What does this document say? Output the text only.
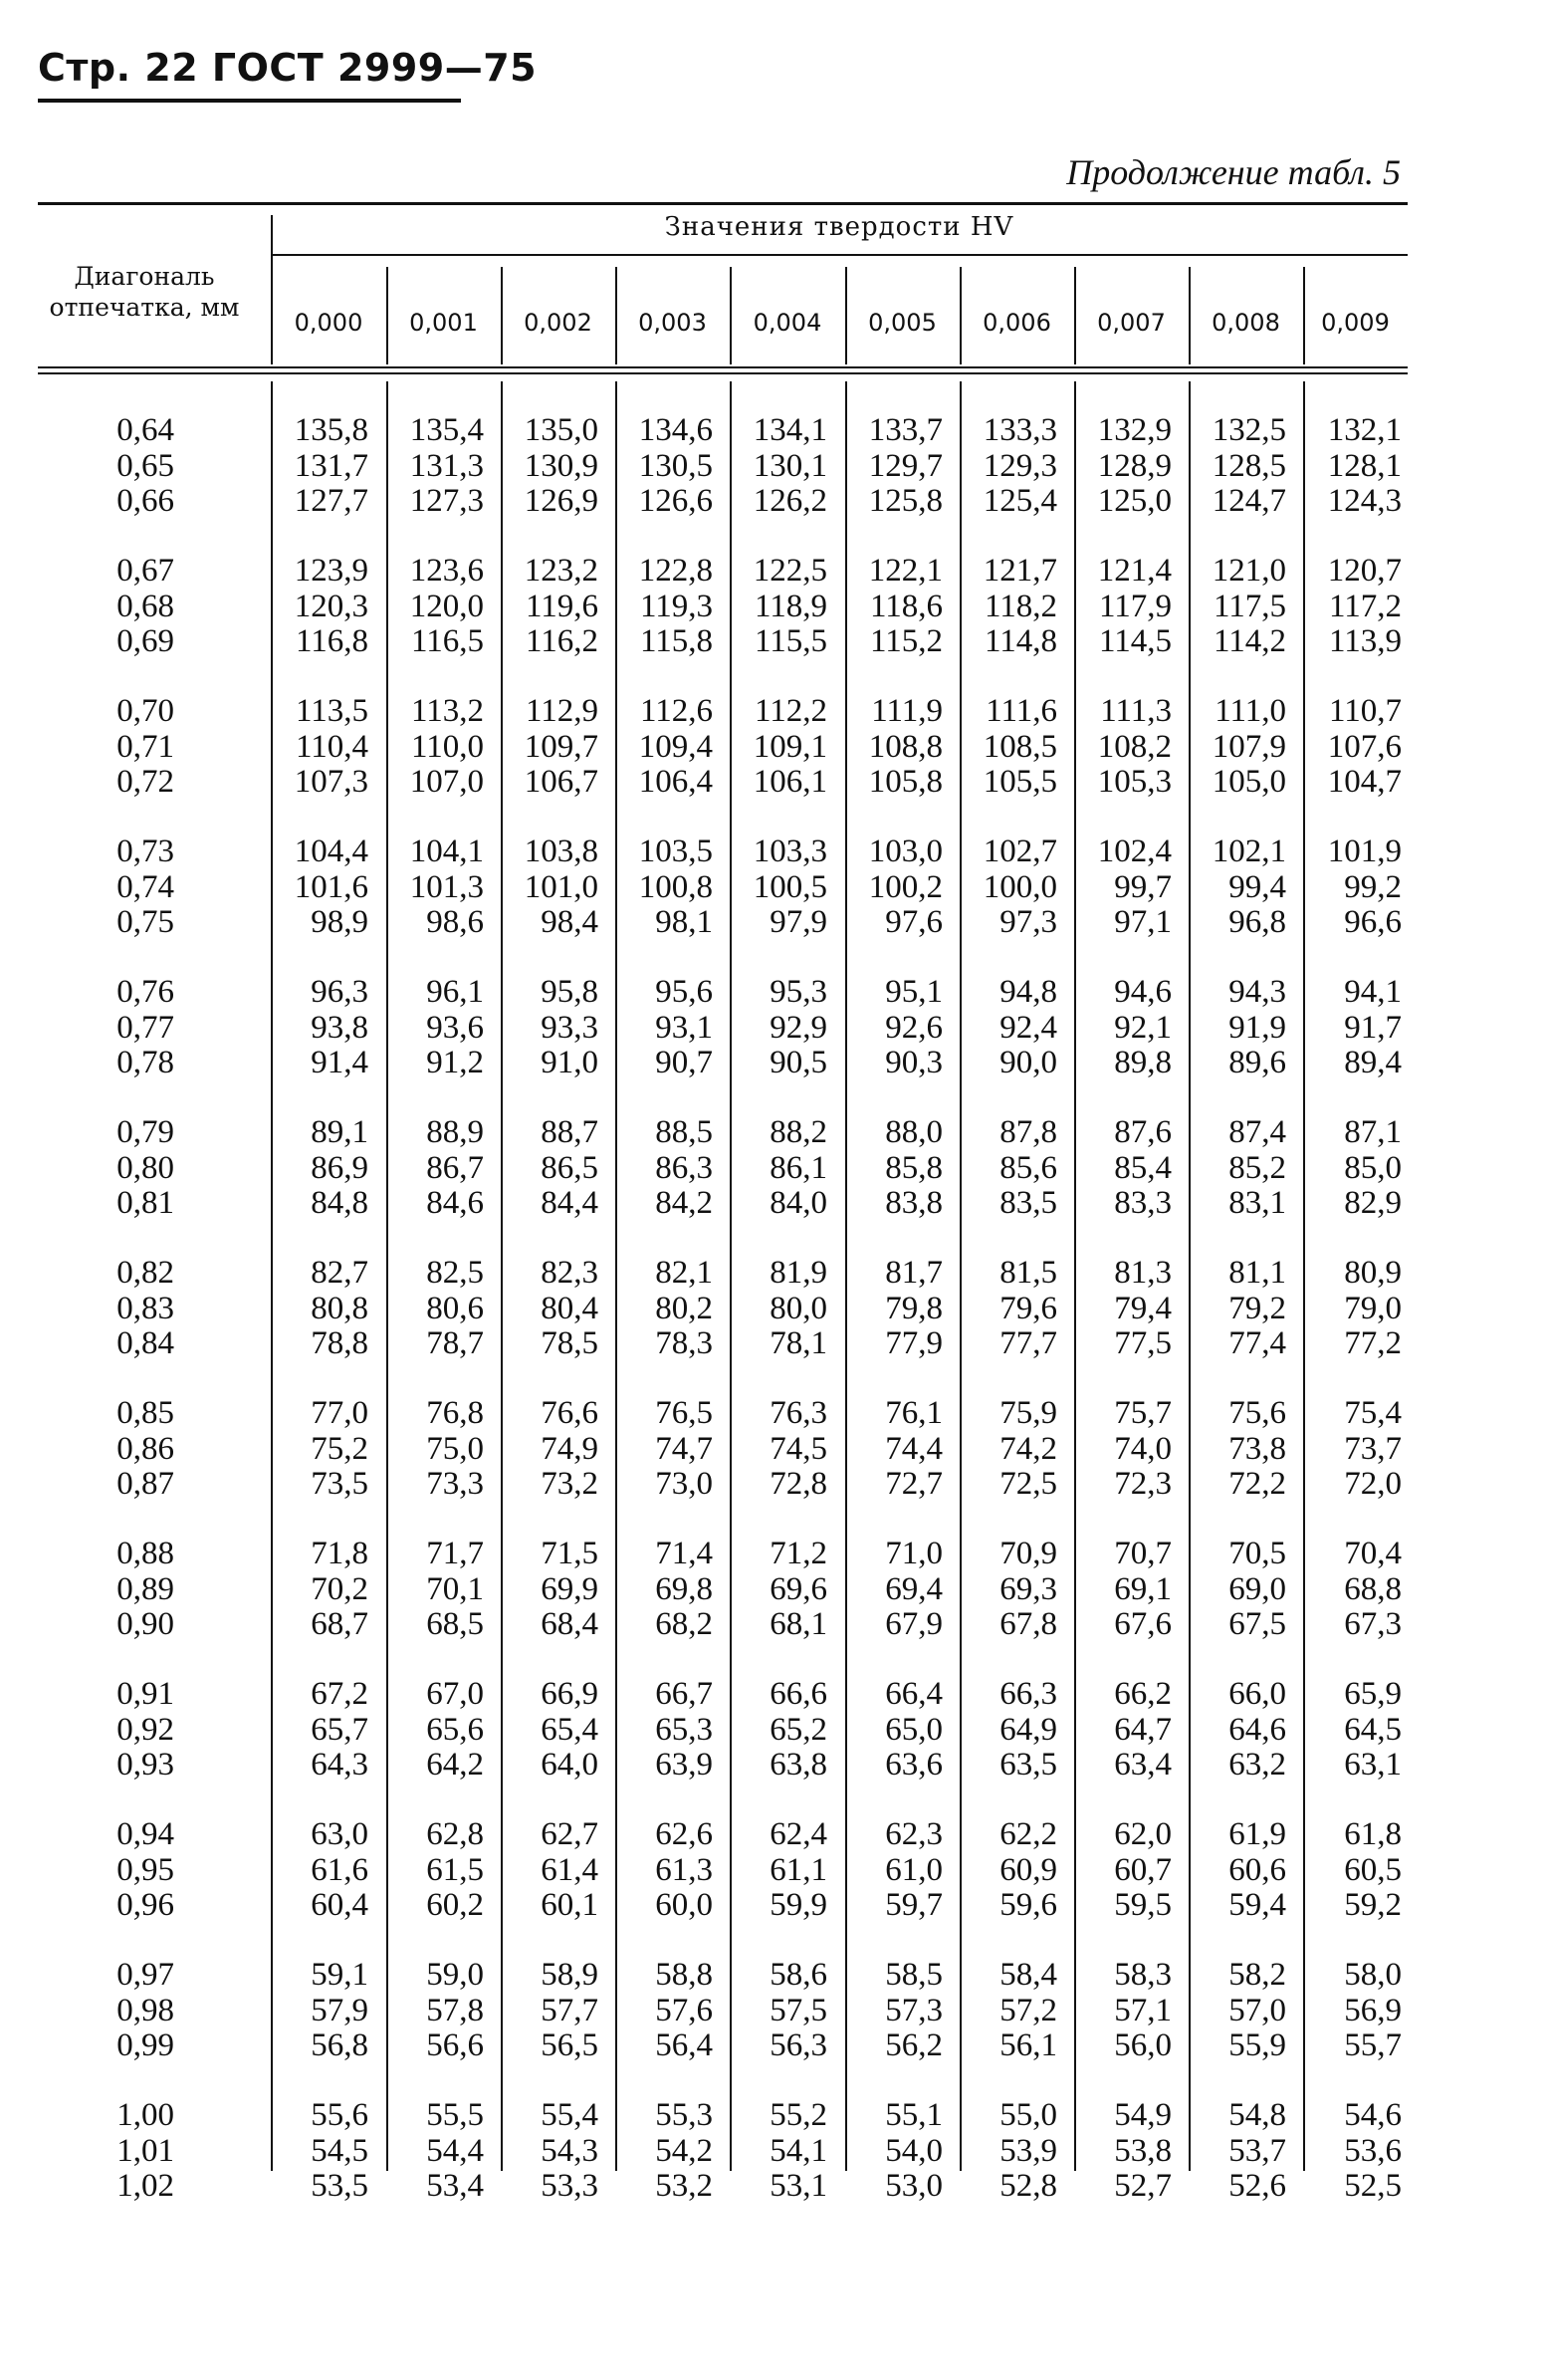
Стр. 22 ГОСТ 2999—75
Продолжение табл. 5
Значения твердости HV
Диагональ
отпечатка, мм
0,000	0,001	0,002	0,003	0,004	0,005	0,006	0,007	0,008	0,009
0,64	135,8	135,4	135,0	134,6	134,1	133,7	133,3	132,9	132,5	132,1
0,65	131,7	131,3	130,9	130,5	130,1	129,7	129,3	128,9	128,5	128,1
0,66	127,7	127,3	126,9	126,6	126,2	125,8	125,4	125,0	124,7	124,3
0,67	123,9	123,6	123,2	122,8	122,5	122,1	121,7	121,4	121,0	120,7
0,68	120,3	120,0	119,6	119,3	118,9	118,6	118,2	117,9	117,5	117,2
0,69	116,8	116,5	116,2	115,8	115,5	115,2	114,8	114,5	114,2	113,9
0,70	113,5	113,2	112,9	112,6	112,2	111,9	111,6	111,3	111,0	110,7
0,71	110,4	110,0	109,7	109,4	109,1	108,8	108,5	108,2	107,9	107,6
0,72	107,3	107,0	106,7	106,4	106,1	105,8	105,5	105,3	105,0	104,7
0,73	104,4	104,1	103,8	103,5	103,3	103,0	102,7	102,4	102,1	101,9
0,74	101,6	101,3	101,0	100,8	100,5	100,2	100,0	99,7	99,4	99,2
0,75	98,9	98,6	98,4	98,1	97,9	97,6	97,3	97,1	96,8	96,6
0,76	96,3	96,1	95,8	95,6	95,3	95,1	94,8	94,6	94,3	94,1
0,77	93,8	93,6	93,3	93,1	92,9	92,6	92,4	92,1	91,9	91,7
0,78	91,4	91,2	91,0	90,7	90,5	90,3	90,0	89,8	89,6	89,4
0,79	89,1	88,9	88,7	88,5	88,2	88,0	87,8	87,6	87,4	87,1
0,80	86,9	86,7	86,5	86,3	86,1	85,8	85,6	85,4	85,2	85,0
0,81	84,8	84,6	84,4	84,2	84,0	83,8	83,5	83,3	83,1	82,9
0,82	82,7	82,5	82,3	82,1	81,9	81,7	81,5	81,3	81,1	80,9
0,83	80,8	80,6	80,4	80,2	80,0	79,8	79,6	79,4	79,2	79,0
0,84	78,8	78,7	78,5	78,3	78,1	77,9	77,7	77,5	77,4	77,2
0,85	77,0	76,8	76,6	76,5	76,3	76,1	75,9	75,7	75,6	75,4
0,86	75,2	75,0	74,9	74,7	74,5	74,4	74,2	74,0	73,8	73,7
0,87	73,5	73,3	73,2	73,0	72,8	72,7	72,5	72,3	72,2	72,0
0,88	71,8	71,7	71,5	71,4	71,2	71,0	70,9	70,7	70,5	70,4
0,89	70,2	70,1	69,9	69,8	69,6	69,4	69,3	69,1	69,0	68,8
0,90	68,7	68,5	68,4	68,2	68,1	67,9	67,8	67,6	67,5	67,3
0,91	67,2	67,0	66,9	66,7	66,6	66,4	66,3	66,2	66,0	65,9
0,92	65,7	65,6	65,4	65,3	65,2	65,0	64,9	64,7	64,6	64,5
0,93	64,3	64,2	64,0	63,9	63,8	63,6	63,5	63,4	63,2	63,1
0,94	63,0	62,8	62,7	62,6	62,4	62,3	62,2	62,0	61,9	61,8
0,95	61,6	61,5	61,4	61,3	61,1	61,0	60,9	60,7	60,6	60,5
0,96	60,4	60,2	60,1	60,0	59,9	59,7	59,6	59,5	59,4	59,2
0,97	59,1	59,0	58,9	58,8	58,6	58,5	58,4	58,3	58,2	58,0
0,98	57,9	57,8	57,7	57,6	57,5	57,3	57,2	57,1	57,0	56,9
0,99	56,8	56,6	56,5	56,4	56,3	56,2	56,1	56,0	55,9	55,7
1,00	55,6	55,5	55,4	55,3	55,2	55,1	55,0	54,9	54,8	54,6
1,01	54,5	54,4	54,3	54,2	54,1	54,0	53,9	53,8	53,7	53,6
1,02	53,5	53,4	53,3	53,2	53,1	53,0	52,8	52,7	52,6	52,5
